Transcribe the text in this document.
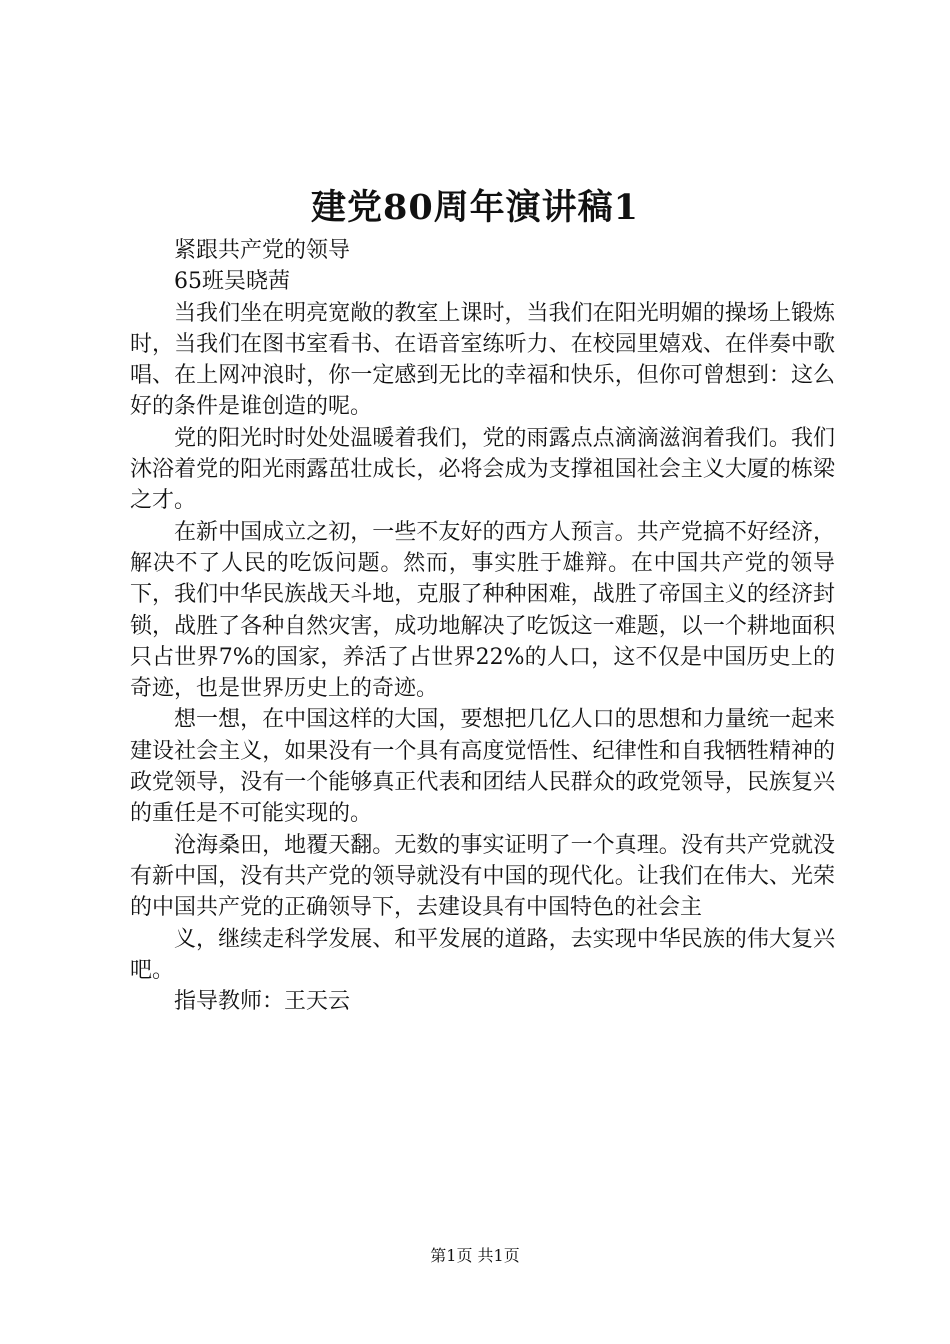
建党80周年演讲稿1

紧跟共产党的领导

65班吴晓茜

当我们坐在明亮宽敞的教室上课时，当我们在阳光明媚的操场上锻炼时，当我们在图书室看书、在语音室练听力、在校园里嬉戏、在伴奏中歌唱、在上网冲浪时，你一定感到无比的幸福和快乐，但你可曾想到：这么好的条件是谁创造的呢。

党的阳光时时处处温暖着我们，党的雨露点点滴滴滋润着我们。我们沐浴着党的阳光雨露茁壮成长，必将会成为支撑祖国社会主义大厦的栋梁之才。

在新中国成立之初，一些不友好的西方人预言。共产党搞不好经济，解决不了人民的吃饭问题。然而，事实胜于雄辩。在中国共产党的领导下，我们中华民族战天斗地，克服了种种困难，战胜了帝国主义的经济封锁，战胜了各种自然灾害，成功地解决了吃饭这一难题，以一个耕地面积只占世界7%的国家，养活了占世界22%的人口，这不仅是中国历史上的奇迹，也是世界历史上的奇迹。

想一想，在中国这样的大国，要想把几亿人口的思想和力量统一起来建设社会主义，如果没有一个具有高度觉悟性、纪律性和自我牺牲精神的政党领导，没有一个能够真正代表和团结人民群众的政党领导，民族复兴的重任是不可能实现的。

沧海桑田，地覆天翻。无数的事实证明了一个真理。没有共产党就没有新中国，没有共产党的领导就没有中国的现代化。让我们在伟大、光荣的中国共产党的正确领导下，去建设具有中国特色的社会主

义，继续走科学发展、和平发展的道路，去实现中华民族的伟大复兴吧。

指导教师：王天云

第1页 共1页
